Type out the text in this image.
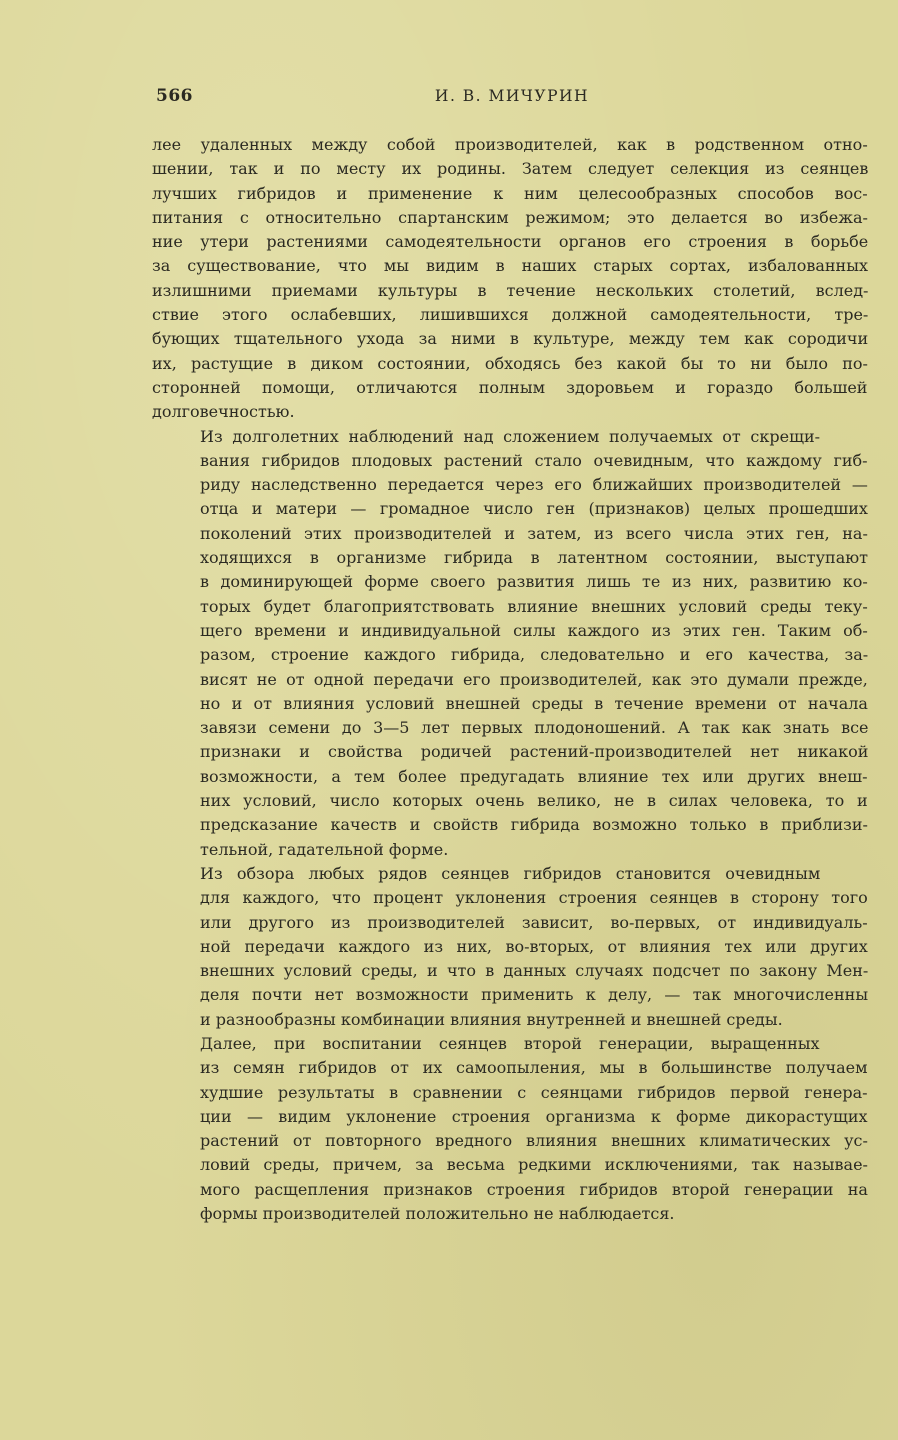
566	И. В. МИЧУРИН

лее удаленных между собой производителей, как в родственном отно-
шении, так и по месту их родины. Затем следует селекция из сеянцев
лучших гибридов и применение к ним целесообразных способов вос-
питания с относительно спартанским режимом; это делается во избежа-
ние утери растениями самодеятельности органов его строения в борьбе
за существование, что мы видим в наших старых сортах, избалованных
излишними приемами культуры в течение нескольких столетий, вслед-
ствие этого ослабевших, лишившихся должной самодеятельности, тре-
бующих тщательного ухода за ними в культуре, между тем как сородичи
их, растущие в диком состоянии, обходясь без какой бы то ни было по-
сторонней помощи, отличаются полным здоровьем и гораздо большей
долговечностью.

Из долголетних наблюдений над сложением получаемых от скрещи-
вания гибридов плодовых растений стало очевидным, что каждому гиб-
риду наследственно передается через его ближайших производителей —
отца и матери — громадное число ген (признаков) целых прошедших
поколений этих производителей и затем, из всего числа этих ген, на-
ходящихся в организме гибрида в латентном состоянии, выступают
в доминирующей форме своего развития лишь те из них, развитию ко-
торых будет благоприятствовать влияние внешних условий среды теку-
щего времени и индивидуальной силы каждого из этих ген. Таким об-
разом, строение каждого гибрида, следовательно и его качества, за-
висят не от одной передачи его производителей, как это думали прежде,
но и от влияния условий внешней среды в течение времени от начала
завязи семени до 3—5 лет первых плодоношений. А так как знать все
признаки и свойства родичей растений-производителей нет никакой
возможности, а тем более предугадать влияние тех или других внеш-
них условий, число которых очень велико, не в силах человека, то и
предсказание качеств и свойств гибрида возможно только в приблизи-
тельной, гадательной форме.

Из обзора любых рядов сеянцев гибридов становится очевидным
для каждого, что процент уклонения строения сеянцев в сторону того
или другого из производителей зависит, во-первых, от индивидуаль-
ной передачи каждого из них, во-вторых, от влияния тех или других
внешних условий среды, и что в данных случаях подсчет по закону Мен-
деля почти нет возможности применить к делу, — так многочисленны
и разнообразны комбинации влияния внутренней и внешней среды.

Далее, при воспитании сеянцев второй генерации, выращенных
из семян гибридов от их самоопыления, мы в большинстве получаем
худшие результаты в сравнении с сеянцами гибридов первой генера-
ции — видим уклонение строения организма к форме дикорастущих
растений от повторного вредного влияния внешних климатических ус-
ловий среды, причем, за весьма редкими исключениями, так называе-
мого расщепления признаков строения гибридов второй генерации на
формы производителей положительно не наблюдается.
